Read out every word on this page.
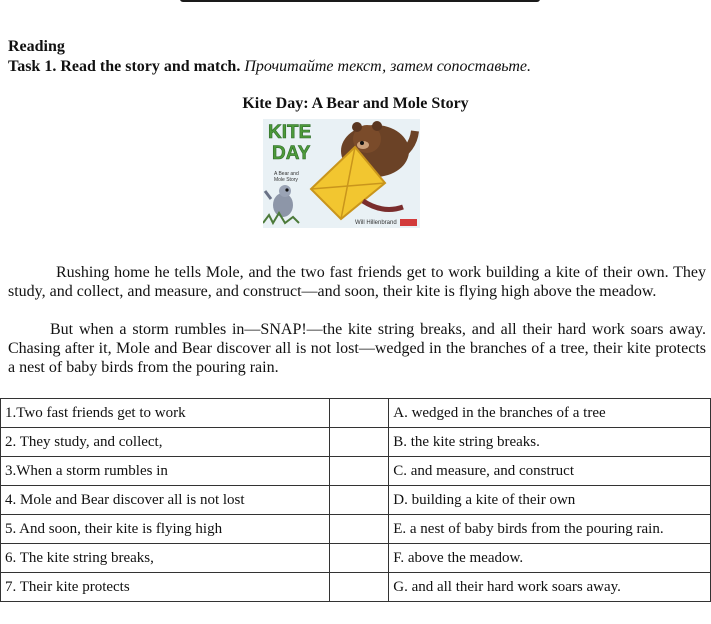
Reading
Task 1. Read the story and match. Прочитайте текст, затем сопоставьте.
Kite Day: A Bear and Mole Story
KITE
DAY
A Bear and
Mole Story
Will Hillenbrand

Rushing home he tells Mole, and the two fast friends get to work building a kite of their own. They study, and collect, and measure, and construct—and soon, their kite is flying high above the meadow.

But when a storm rumbles in—SNAP!—the kite string breaks, and all their hard work soars away. Chasing after it, Mole and Bear discover all is not lost—wedged in the branches of a tree, their kite protects a nest of baby birds from the pouring rain.

1.Two fast friends get to work		A. wedged in the branches of a tree
2. They study, and collect,		B. the kite string breaks.
3.When a storm rumbles in		C. and measure, and construct
4. Mole and Bear discover all is not lost		D. building a kite of their own
5. And soon, their kite is flying high		E. a nest of baby birds from the pouring rain.
6. The kite string breaks,		F. above the meadow.
7. Their kite protects		G. and all their hard work soars away.
